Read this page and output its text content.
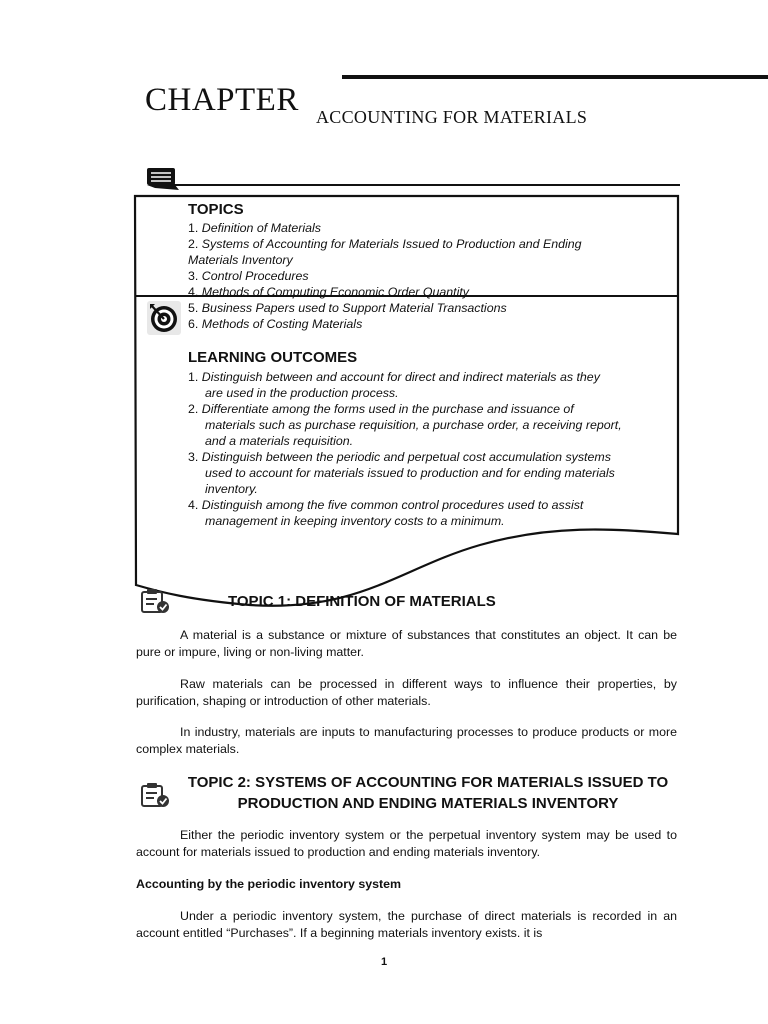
CHAPTER ACCOUNTING FOR MATERIALS
TOPICS
1. Definition of Materials
2. Systems of Accounting for Materials Issued to Production and Ending
Materials Inventory
3. Control Procedures
4. Methods of Computing Economic Order Quantity
5. Business Papers used to Support Material Transactions
6. Methods of Costing Materials
LEARNING OUTCOMES
1. Distinguish between and account for direct and indirect materials as they
are used in the production process.
2. Differentiate among the forms used in the purchase and issuance of
materials such as purchase requisition, a purchase order, a receiving report,
and a materials requisition.
3. Distinguish between the periodic and perpetual cost accumulation systems
used to account for materials issued to production and for ending materials
inventory.
4. Distinguish among the five common control procedures used to assist
management in keeping inventory costs to a minimum.
TOPIC 1: DEFINITION OF MATERIALS
A material is a substance or mixture of substances that constitutes an object. It can be pure or impure, living or non-living matter.
Raw materials can be processed in different ways to influence their properties, by purification, shaping or introduction of other materials.
In industry, materials are inputs to manufacturing processes to produce products or more complex materials.
TOPIC 2: SYSTEMS OF ACCOUNTING FOR MATERIALS ISSUED TO
PRODUCTION AND ENDING MATERIALS INVENTORY
Either the periodic inventory system or the perpetual inventory system may be used to account for materials issued to production and ending materials inventory.
Accounting by the periodic inventory system
Under a periodic inventory system, the purchase of direct materials is recorded in an account entitled “Purchases”. If a beginning materials inventory exists. it is
1
